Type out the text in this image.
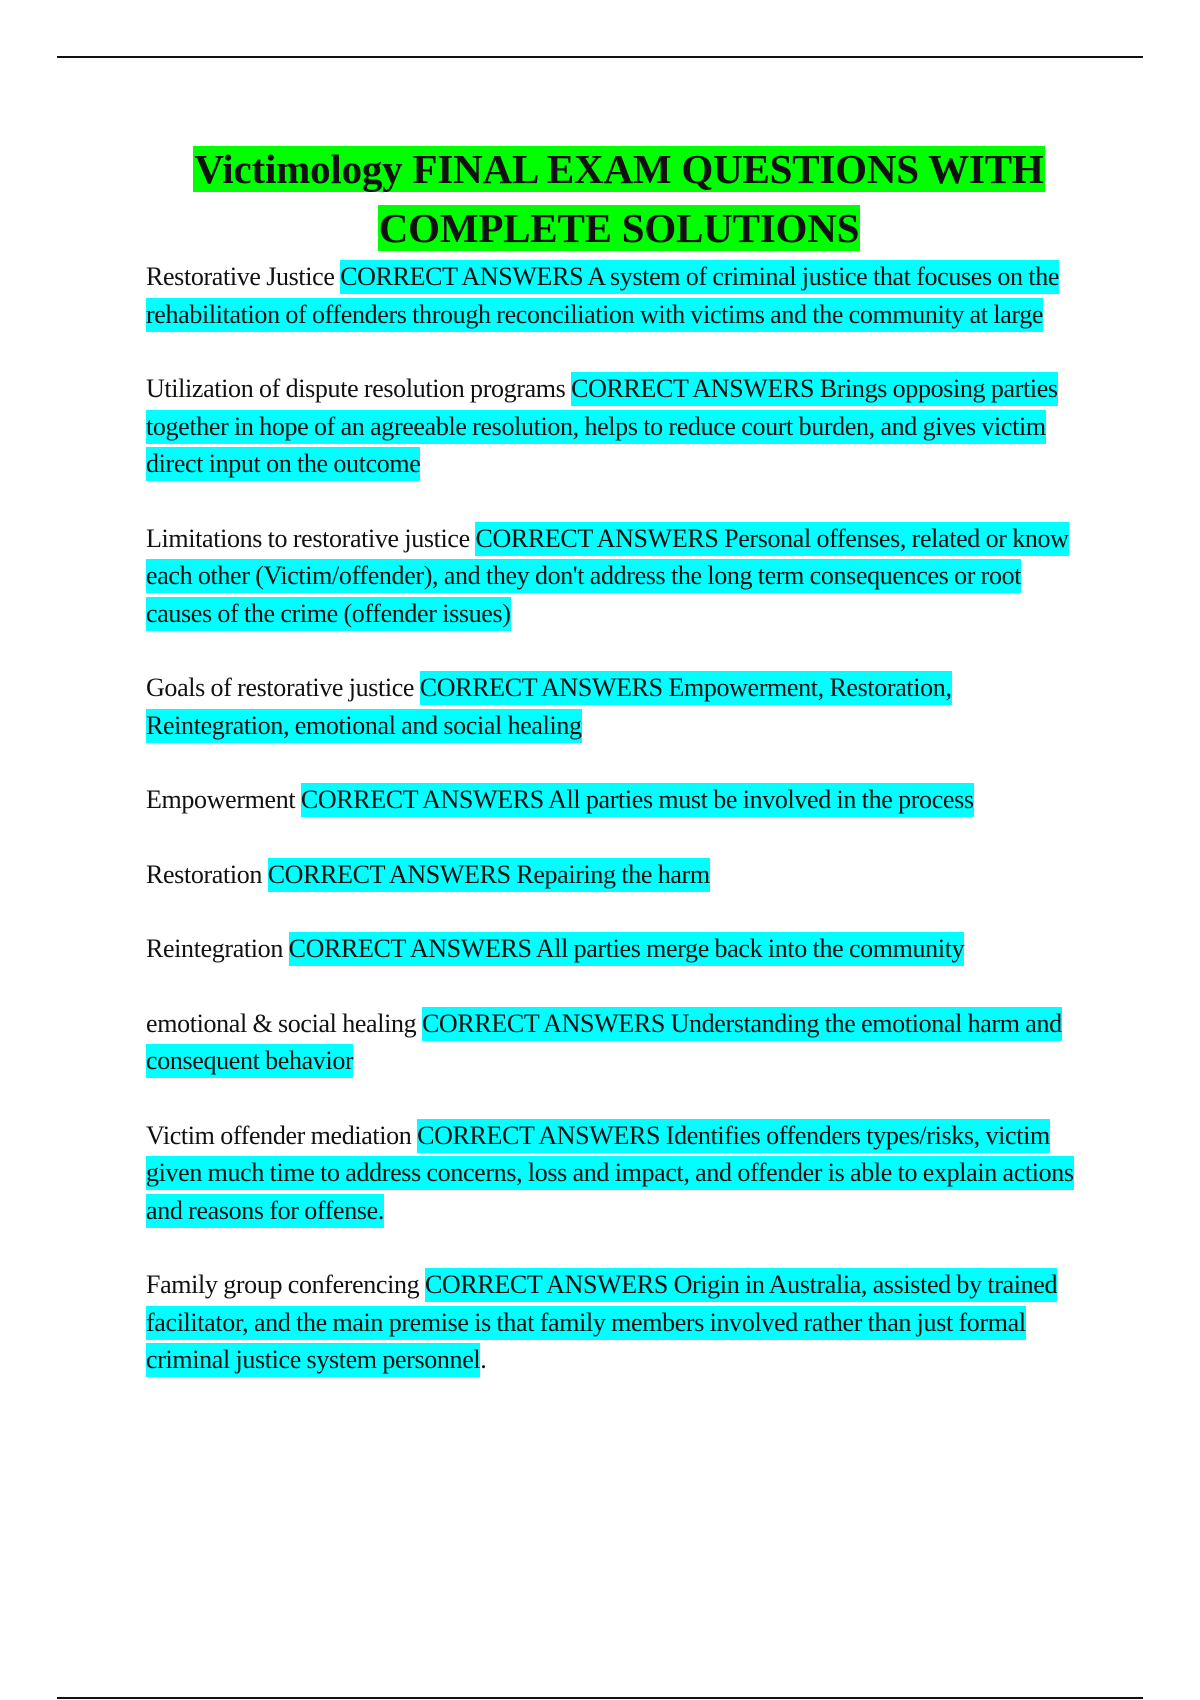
Victimology FINAL EXAM QUESTIONS WITH
COMPLETE SOLUTIONS

Restorative Justice CORRECT ANSWERS A system of criminal justice that focuses on the rehabilitation of offenders through reconciliation with victims and the community at large

Utilization of dispute resolution programs CORRECT ANSWERS Brings opposing parties together in hope of an agreeable resolution, helps to reduce court burden, and gives victim direct input on the outcome

Limitations to restorative justice CORRECT ANSWERS Personal offenses, related or know each other (Victim/offender), and they don't address the long term consequences or root causes of the crime (offender issues)

Goals of restorative justice CORRECT ANSWERS Empowerment, Restoration, Reintegration, emotional and social healing

Empowerment CORRECT ANSWERS All parties must be involved in the process

Restoration CORRECT ANSWERS Repairing the harm

Reintegration CORRECT ANSWERS All parties merge back into the community

emotional & social healing CORRECT ANSWERS Understanding the emotional harm and consequent behavior

Victim offender mediation CORRECT ANSWERS Identifies offenders types/risks, victim given much time to address concerns, loss and impact, and offender is able to explain actions and reasons for offense.

Family group conferencing CORRECT ANSWERS Origin in Australia, assisted by trained facilitator, and the main premise is that family members involved rather than just formal criminal justice system personnel.
